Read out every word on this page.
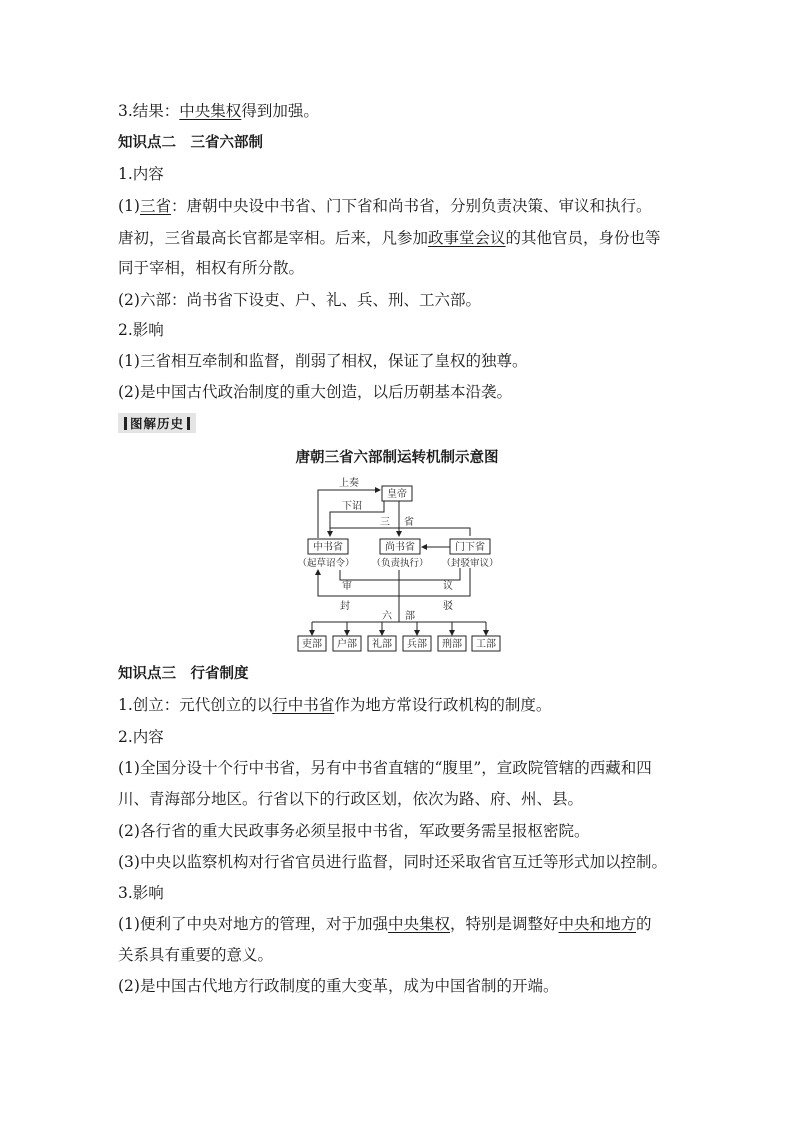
3.结果：中央集权得到加强。
知识点二　三省六部制
1.内容
(1)三省：唐朝中央设中书省、门下省和尚书省，分别负责决策、审议和执行。
唐初，三省最高长官都是宰相。后来，凡参加政事堂会议的其他官员，身份也等
同于宰相，相权有所分散。
(2)六部：尚书省下设吏、户、礼、兵、刑、工六部。
2.影响
(1)三省相互牵制和监督，削弱了相权，保证了皇权的独尊。
(2)是中国古代政治制度的重大创造，以后历朝基本沿袭。
图解历史
唐朝三省六部制运转机制示意图
皇帝
上奏
下诏
三 省
中书省	尚书省	门下省
（起草诏令） （负责执行） （封驳审议）
审	议
封	驳
六 部
吏部 户部 礼部 兵部 刑部 工部
知识点三　行省制度
1.创立：元代创立的以行中书省作为地方常设行政机构的制度。
2.内容
(1)全国分设十个行中书省，另有中书省直辖的“腹里”，宣政院管辖的西藏和四
川、青海部分地区。行省以下的行政区划，依次为路、府、州、县。
(2)各行省的重大民政事务必须呈报中书省，军政要务需呈报枢密院。
(3)中央以监察机构对行省官员进行监督，同时还采取省官互迁等形式加以控制。
3.影响
(1)便利了中央对地方的管理，对于加强中央集权，特别是调整好中央和地方的
关系具有重要的意义。
(2)是中国古代地方行政制度的重大变革，成为中国省制的开端。
